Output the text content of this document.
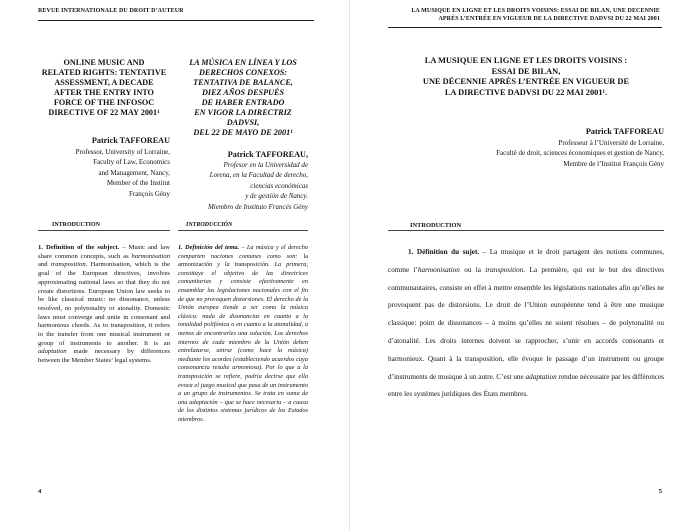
REVUE INTERNATIONALE DU DROIT D’AUTEUR
ONLINE MUSIC AND
RELATED RIGHTS: TENTATIVE
ASSESSMENT, A DECADE
AFTER THE ENTRY INTO
FORCE OF THE INFOSOC
DIRECTIVE OF 22 MAY 2001¹
LA MÚSICA EN LÍNEA Y LOS
DERECHOS CONEXOS:
TENTATIVA DE BALANCE,
DIEZ AÑOS DESPUÉS
DE HABER ENTRADO
EN VIGOR LA DIRECTRIZ
DADVSI,
DEL 22 DE MAYO DE 2001¹
Patrick TAFFOREAU
Professor, University of Lorraine,
Faculty of Law, Economics
and Management, Nancy,
Member of the Institut
François Gény
Patrick TAFFOREAU,
Profesor en la Universidad de
Lorena, en la Facultad de derecho,
ciencias económicas
y de gestión de Nancy.
Miembro de Instituto Francés Gény
INTRODUCTION	INTRODUCCIÓN
1. Definition of the subject. – Music and law share common concepts, such as harmonisation and transposition. Harmonisation, which is the goal of the European directives, involves approximating national laws so that they do not create distortions. European Union law seeks to be like classical music: no dissonance, unless resolved, no polytonality or atonality. Domestic laws must converge and unite in consonant and harmonious chords. As to transposition, it refers to the transfer from one musical instrument or group of instruments to another. It is an adaptation made necessary by differences between the Member States’ legal systems.
1. Definición del tema. – La música y el derecho comparten nociones comunes como son: la armonización y la transposición. La primera, constituye el objetivo de las directrices comunitarias y consiste efectivamente en ensamblar las legislaciones nacionales con el fin de que no provoquen distorsiones. El derecho de la Unión europea tiende a ser como la música clásica: nada de disonancias en cuanto a la tonalidad polifónica o en cuanto a la atonalidad, a menos de encontrarles una solución. Los derechos internos de cada miembro de la Unión deben entrelazarse, unirse (como hace la música) mediante los acordes (estableciendo acuerdos cuya consonancia resulte armoniosa). Por lo que a la transposición se refiere, podría decirse que ella evoca el juego musical que pasa de un instrumento a un grupo de instrumentos. Se trata en suma de una adaptación – que se hace necesaria – a causa de los distintos sistemas jurídicos de los Estados miembros.
4
LA MUSIQUE EN LIGNE ET LES DROITS VOISINS: ESSAI DE BILAN, UNE DECENNIE
APRÈS L’ENTRÉE EN VIGUEUR DE LA DIRECTIVE DADVSI DU 22 MAI 2001
LA MUSIQUE EN LIGNE ET LES DROITS VOISINS :
ESSAI DE BILAN,
UNE DÉCENNIE APRÈS L’ENTRÉE EN VIGUEUR DE
LA DIRECTIVE DADVSI DU 22 MAI 2001¹.
Patrick TAFFOREAU
Professeur à l’Université de Lorraine,
Faculté de droit, sciences économiques et gestion de Nancy,
Membre de l’Institut François Gény
INTRODUCTION
1. Définition du sujet. – La musique et le droit partagent des notions communes, comme l’harmonisation ou la transposition. La première, qui est le but des directives communautaires, consiste en effet à mettre ensemble les législations nationales afin qu’elles ne provoquent pas de distorsions. Le droit de l’Union européenne tend à être une musique classique: point de dissonances – à moins qu’elles ne soient résolues – de polytonalité ou d’atonalité. Les droits internes doivent se rapprocher, s’unir en accords consonants et harmonieux. Quant à la transposition, elle évoque le passage d’un instrument ou groupe d’instruments de musique à un autre. C’est une adaptation rendue nécessaire par les différences entre les systèmes juridiques des États membres.
5
